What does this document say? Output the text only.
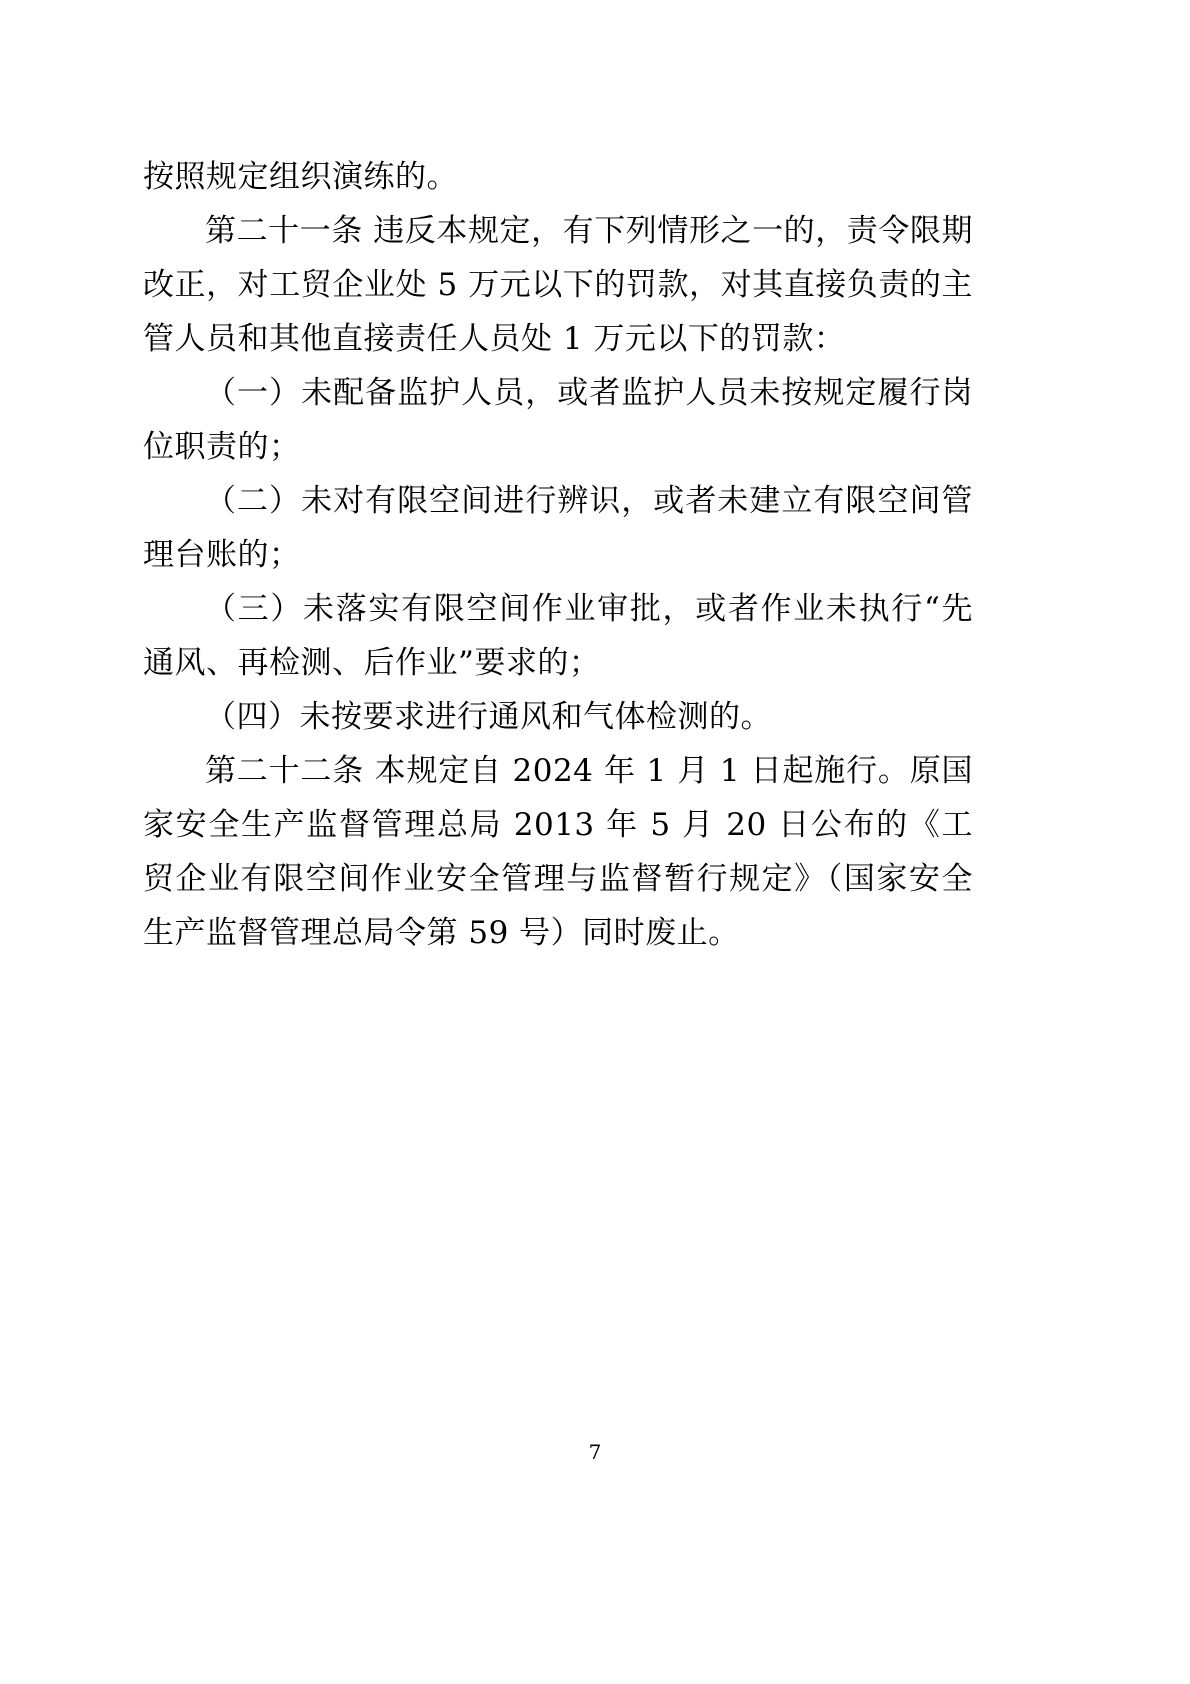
按照规定组织演练的。

第二十一条 违反本规定，有下列情形之一的，责令限期改正，对工贸企业处 5 万元以下的罚款，对其直接负责的主管人员和其他直接责任人员处 1 万元以下的罚款：

（一）未配备监护人员，或者监护人员未按规定履行岗位职责的；

（二）未对有限空间进行辨识，或者未建立有限空间管理台账的；

（三）未落实有限空间作业审批，或者作业未执行“先通风、再检测、后作业”要求的；

（四）未按要求进行通风和气体检测的。

第二十二条 本规定自 2024 年 1 月 1 日起施行。原国家安全生产监督管理总局 2013 年 5 月 20 日公布的《工贸企业有限空间作业安全管理与监督暂行规定》（国家安全生产监督管理总局令第 59 号）同时废止。

7
